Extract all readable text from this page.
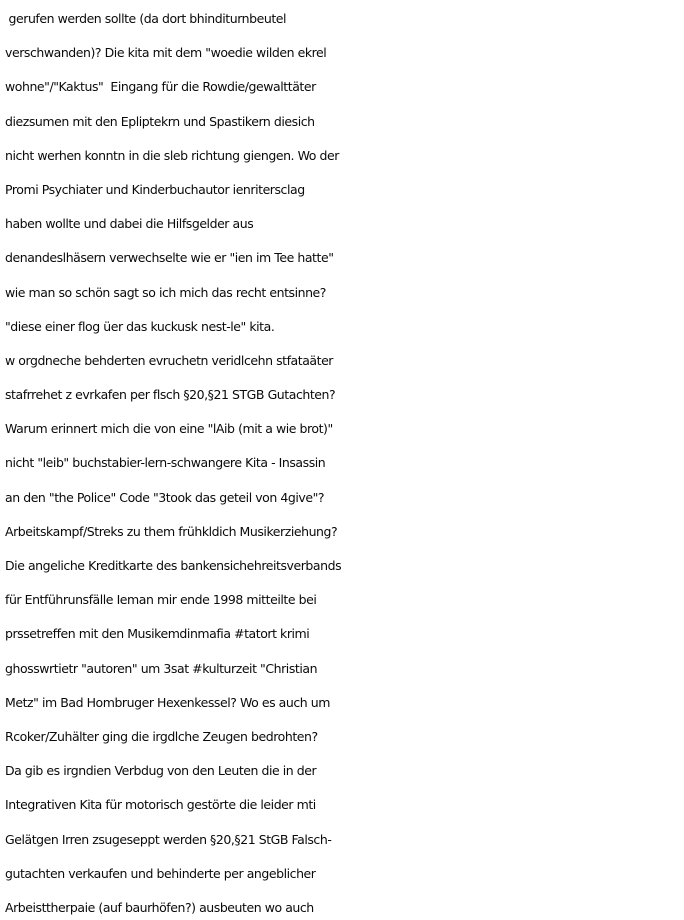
gerufen werden sollte (da dort bhinditurnbeutel
verschwanden)? Die kita mit dem "woedie wilden ekrel
wohne"/"Kaktus"  Eingang für die Rowdie/gewalttäter
diezsumen mit den Epliptekrn und Spastikern diesich
nicht werhen konntn in die sleb richtung giengen. Wo der
Promi Psychiater und Kinderbuchautor ienritersclag
haben wollte und dabei die Hilfsgelder aus
denandeslhäsern verwechselte wie er "ien im Tee hatte"
wie man so schön sagt so ich mich das recht entsinne?
"diese einer flog üer das kuckusk nest-le" kita.
w orgdneche behderten evruchetn veridlcehn stfataäter
stafrrehet z evrkafen per flsch §20,§21 STGB Gutachten?
Warum erinnert mich die von eine "lAib (mit a wie brot)"
nicht "leib" buchstabier-lern-schwangere Kita - Insassin
an den "the Police" Code "3took das geteil von 4give"?
Arbeitskampf/Streks zu them frühkldich Musikerziehung?
Die angeliche Kreditkarte des bankensichehreitsverbands
für Entführunsfälle Ieman mir ende 1998 mitteilte bei
prssetreffen mit den Musikemdinmafia #tatort krimi
ghosswrtietr "autoren" um 3sat #kulturzeit "Christian
Metz" im Bad Hombruger Hexenkessel? Wo es auch um
Rcoker/Zuhälter ging die irgdlche Zeugen bedrohten?
Da gib es irgndien Verbdug von den Leuten die in der
Integrativen Kita für motorisch gestörte die leider mti
Gelätgen Irren zsugeseppt werden §20,§21 StGB Falsch-
gutachten verkaufen und behinderte per angeblicher
Arbeisttherpaie (auf baurhöfen?) ausbeuten wo auch
